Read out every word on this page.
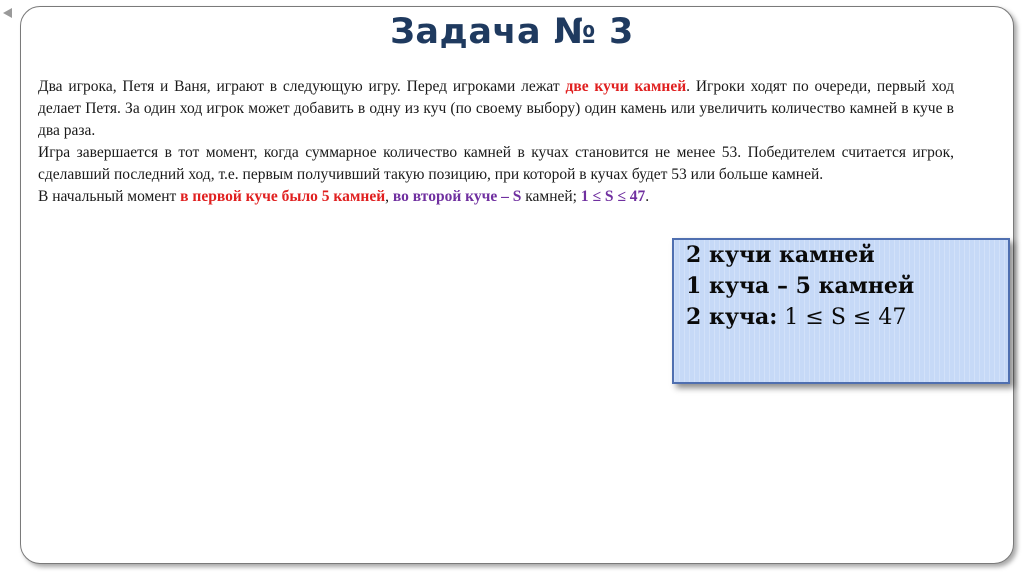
Задача № 3

Два игрока, Петя и Ваня, играют в следующую игру. Перед игроками лежат две кучи камней. Игроки ходят по очереди, первый ход делает Петя. За один ход игрок может добавить в одну из куч (по своему выбору) один камень или увеличить количество камней в куче в два раза.

Игра завершается в тот момент, когда суммарное количество камней в кучах становится не менее 53. Победителем считается игрок, сделавший последний ход, т.е. первым получивший такую позицию, при которой в кучах будет 53 или больше камней.

В начальный момент в первой куче было 5 камней, во второй куче – S камней; 1 ≤ S ≤ 47.

2 кучи камней
1 куча – 5 камней
2 куча: 1 ≤ S ≤ 47
